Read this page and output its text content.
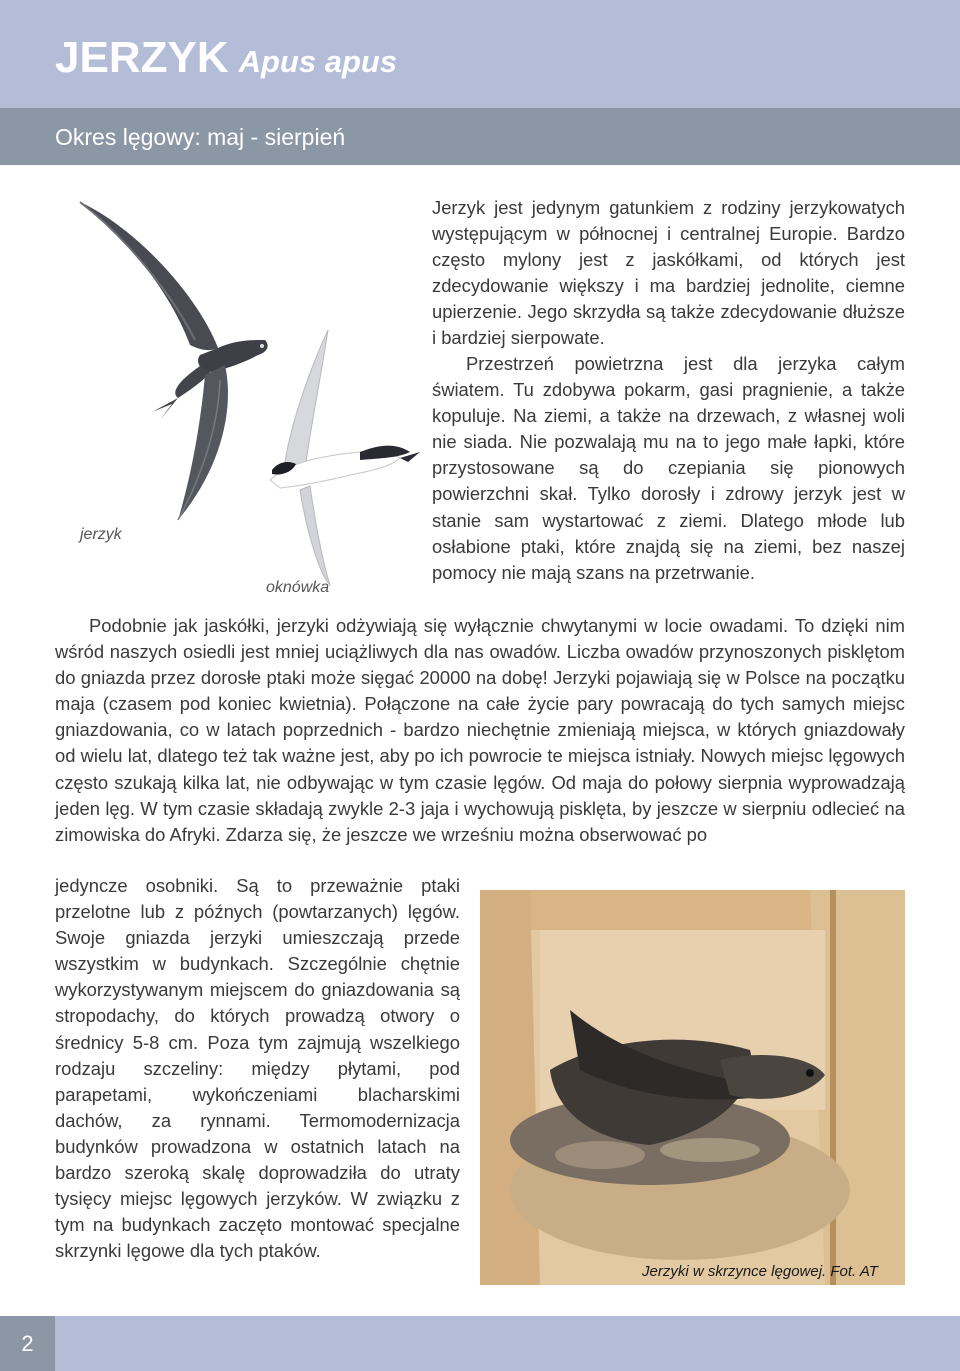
JERZYK Apus apus
Okres lęgowy: maj - sierpień
jerzyk
oknówka

Jerzyk jest jedynym gatunkiem z rodziny jerzykowatych występującym w północnej i centralnej Europie. Bardzo często mylony jest z jaskółkami, od których jest zdecydowanie większy i ma bardziej jednolite, ciemne upierzenie. Jego skrzydła są także zdecydowanie dłuższe i bardziej sierpowate.

Przestrzeń powietrzna jest dla jerzyka całym światem. Tu zdobywa pokarm, gasi pragnienie, a także kopuluje. Na ziemi, a także na drzewach, z własnej woli nie siada. Nie pozwalają mu na to jego małe łapki, które przystosowane są do czepiania się pionowych powierzchni skał. Tylko dorosły i zdrowy jerzyk jest w stanie sam wystartować z ziemi. Dlatego młode lub osłabione ptaki, które znajdą się na ziemi, bez naszej pomocy nie mają szans na przetrwanie.

Podobnie jak jaskółki, jerzyki odżywiają się wyłącznie chwytanymi w locie owadami. To dzięki nim wśród naszych osiedli jest mniej uciążliwych dla nas owadów. Liczba owadów przynoszonych pisklętom do gniazda przez dorosłe ptaki może sięgać 20000 na dobę! Jerzyki pojawiają się w Polsce na początku maja (czasem pod koniec kwietnia). Połączone na całe życie pary powracają do tych samych miejsc gniazdowania, co w latach poprzednich - bardzo niechętnie zmieniają miejsca, w których gniazdowały od wielu lat, dlatego też tak ważne jest, aby po ich powrocie te miejsca istniały. Nowych miejsc lęgowych często szukają kilka lat, nie odbywając w tym czasie lęgów. Od maja do połowy sierpnia wyprowadzają jeden lęg. W tym czasie składają zwykle 2-3 jaja i wychowują pisklęta, by jeszcze w sierpniu odlecieć na zimowiska do Afryki. Zdarza się, że jeszcze we wrześniu można obserwować po

jedyncze osobniki. Są to przeważnie ptaki przelotne lub z późnych (powtarzanych) lęgów. Swoje gniazda jerzyki umieszczają przede wszystkim w budynkach. Szczególnie chętnie wykorzystywanym miejscem do gniazdowania są stropodachy, do których prowadzą otwory o średnicy 5-8 cm. Poza tym zajmują wszelkiego rodzaju szczeliny: między płytami, pod parapetami, wykończeniami blacharskimi dachów, za rynnami. Termomodernizacja budynków prowadzona w ostatnich latach na bardzo szeroką skalę doprowadziła do utraty tysięcy miejsc lęgowych jerzyków. W związku z tym na budynkach zaczęto montować specjalne skrzynki lęgowe dla tych ptaków.

Jerzyki w skrzynce lęgowej. Fot. AT
2
